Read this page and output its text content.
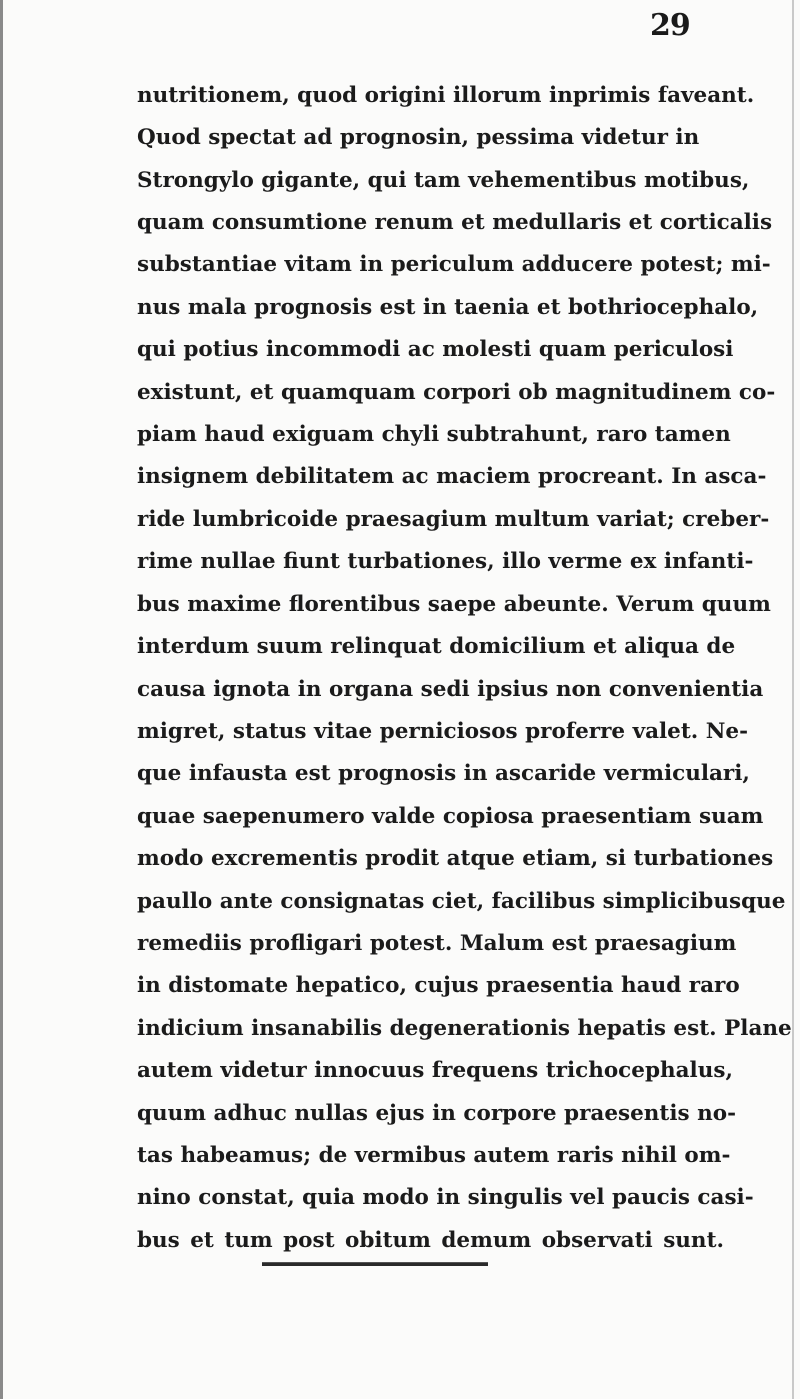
29
nutritionem, quod origini illorum inprimis faveant.
Quod spectat ad prognosin, pessima videtur in
Strongylo gigante, qui tam vehementibus motibus,
quam consumtione renum et medullaris et corticalis
substantiae vitam in periculum adducere potest; mi-
nus mala prognosis est in taenia et bothriocephalo,
qui potius incommodi ac molesti quam periculosi
existunt, et quamquam corpori ob magnitudinem co-
piam haud exiguam chyli subtrahunt, raro tamen
insignem debilitatem ac maciem procreant. In asca-
ride lumbricoide praesagium multum variat; creber-
rime nullae fiunt turbationes, illo verme ex infanti-
bus maxime florentibus saepe abeunte. Verum quum
interdum suum relinquat domicilium et aliqua de
causa ignota in organa sedi ipsius non convenientia
migret, status vitae perniciosos proferre valet. Ne-
que infausta est prognosis in ascaride vermiculari,
quae saepenumero valde copiosa praesentiam suam
modo excrementis prodit atque etiam, si turbationes
paullo ante consignatas ciet, facilibus simplicibusque
remediis profligari potest. Malum est praesagium
in distomate hepatico, cujus praesentia haud raro
indicium insanabilis degenerationis hepatis est. Plane
autem videtur innocuus frequens trichocephalus,
quum adhuc nullas ejus in corpore praesentis no-
tas habeamus; de vermibus autem raris nihil om-
nino constat, quia modo in singulis vel paucis casi-
bus et tum post obitum demum observati sunt.
